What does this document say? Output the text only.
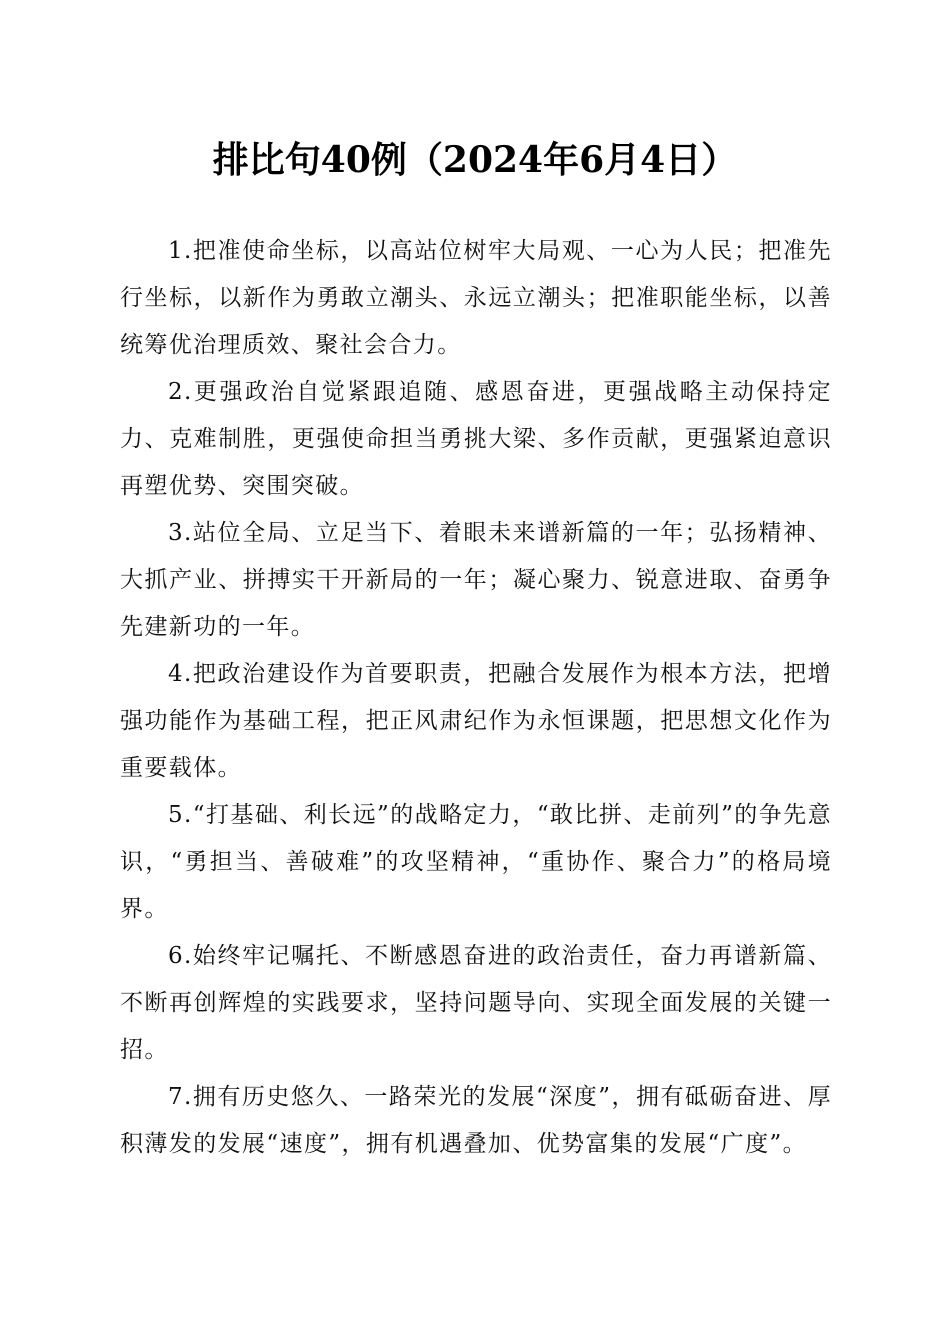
排比句40例（2024年6月4日）

1.把准使命坐标，以高站位树牢大局观、一心为人民；把准先行坐标，以新作为勇敢立潮头、永远立潮头；把准职能坐标，以善统筹优治理质效、聚社会合力。

2.更强政治自觉紧跟追随、感恩奋进，更强战略主动保持定力、克难制胜，更强使命担当勇挑大梁、多作贡献，更强紧迫意识再塑优势、突围突破。

3.站位全局、立足当下、着眼未来谱新篇的一年；弘扬精神、大抓产业、拼搏实干开新局的一年；凝心聚力、锐意进取、奋勇争先建新功的一年。

4.把政治建设作为首要职责，把融合发展作为根本方法，把增强功能作为基础工程，把正风肃纪作为永恒课题，把思想文化作为重要载体。

5.“打基础、利长远”的战略定力，“敢比拼、走前列”的争先意识，“勇担当、善破难”的攻坚精神，“重协作、聚合力”的格局境界。

6.始终牢记嘱托、不断感恩奋进的政治责任，奋力再谱新篇、不断再创辉煌的实践要求，坚持问题导向、实现全面发展的关键一招。

7.拥有历史悠久、一路荣光的发展“深度”，拥有砥砺奋进、厚积薄发的发展“速度”，拥有机遇叠加、优势富集的发展“广度”。
